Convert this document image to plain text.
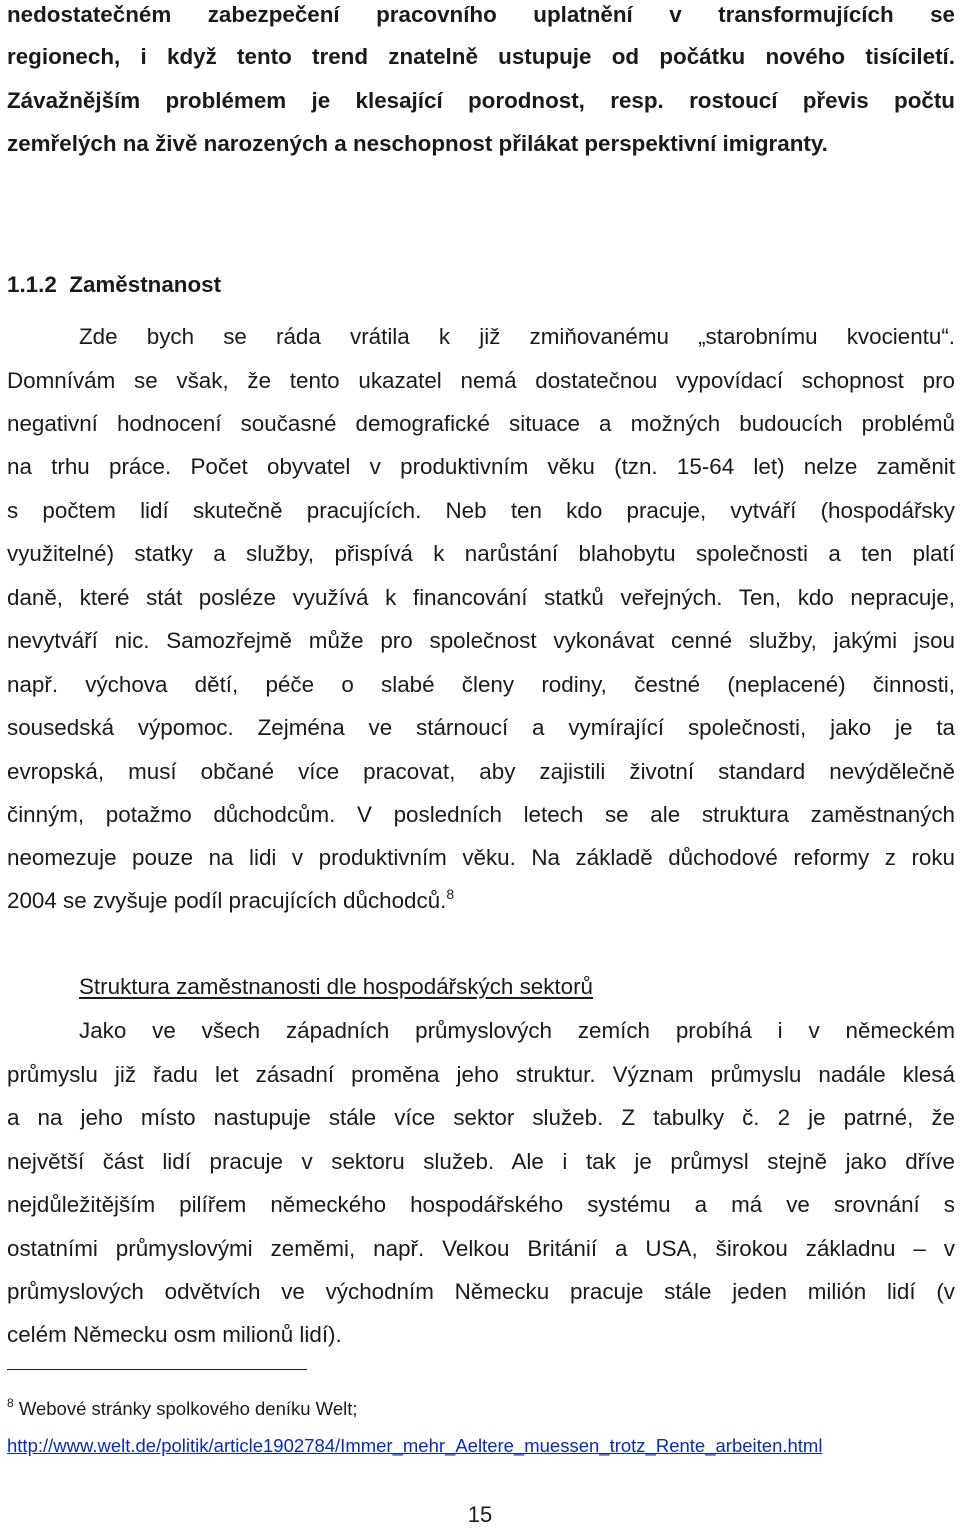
nedostatečném zabezpečení pracovního uplatnění v transformujících se
regionech, i když tento trend znatelně ustupuje od počátku nového tisíciletí.
Závažnějším problémem je klesající porodnost, resp. rostoucí převis počtu
zemřelých na živě narozených a neschopnost přilákat perspektivní imigranty.
1.1.2 Zaměstnanost
Zde bych se ráda vrátila k již zmiňovanému „starobnímu kvocientu“.
Domnívám se však, že tento ukazatel nemá dostatečnou vypovídací schopnost pro
negativní hodnocení současné demografické situace a možných budoucích problémů
na trhu práce. Počet obyvatel v produktivním věku (tzn. 15-64 let) nelze zaměnit
s počtem lidí skutečně pracujících. Neb ten kdo pracuje, vytváří (hospodářsky
využitelné) statky a služby, přispívá k narůstání blahobytu společnosti a ten platí
daně, které stát posléze využívá k financování statků veřejných. Ten, kdo nepracuje,
nevytváří nic. Samozřejmě může pro společnost vykonávat cenné služby, jakými jsou
např. výchova dětí, péče o slabé členy rodiny, čestné (neplacené) činnosti,
sousedská výpomoc. Zejména ve stárnoucí a vymírající společnosti, jako je ta
evropská, musí občané více pracovat, aby zajistili životní standard nevýdělečně
činným, potažmo důchodcům. V posledních letech se ale struktura zaměstnaných
neomezuje pouze na lidi v produktivním věku. Na základě důchodové reformy z roku
2004 se zvyšuje podíl pracujících důchodců.$^8$
Struktura zaměstnanosti dle hospodářských sektorů
Jako ve všech západních průmyslových zemích probíhá i v německém
průmyslu již řadu let zásadní proměna jeho struktur. Význam průmyslu nadále klesá
a na jeho místo nastupuje stále více sektor služeb. Z tabulky č. 2 je patrné, že
největší část lidí pracuje v sektoru služeb. Ale i tak je průmysl stejně jako dříve
nejdůležitějším pilířem německého hospodářského systému a má ve srovnání s
ostatními průmyslovými zeměmi, např. Velkou Británií a USA, širokou základnu – v
průmyslových odvětvích ve východním Německu pracuje stále jeden milión lidí (v
celém Německu osm milionů lidí).
$^8$ Webové stránky spolkového deníku Welt;
http://www.welt.de/politik/article1902784/Immer_mehr_Aeltere_muessen_trotz_Rente_arbeiten.html
15
